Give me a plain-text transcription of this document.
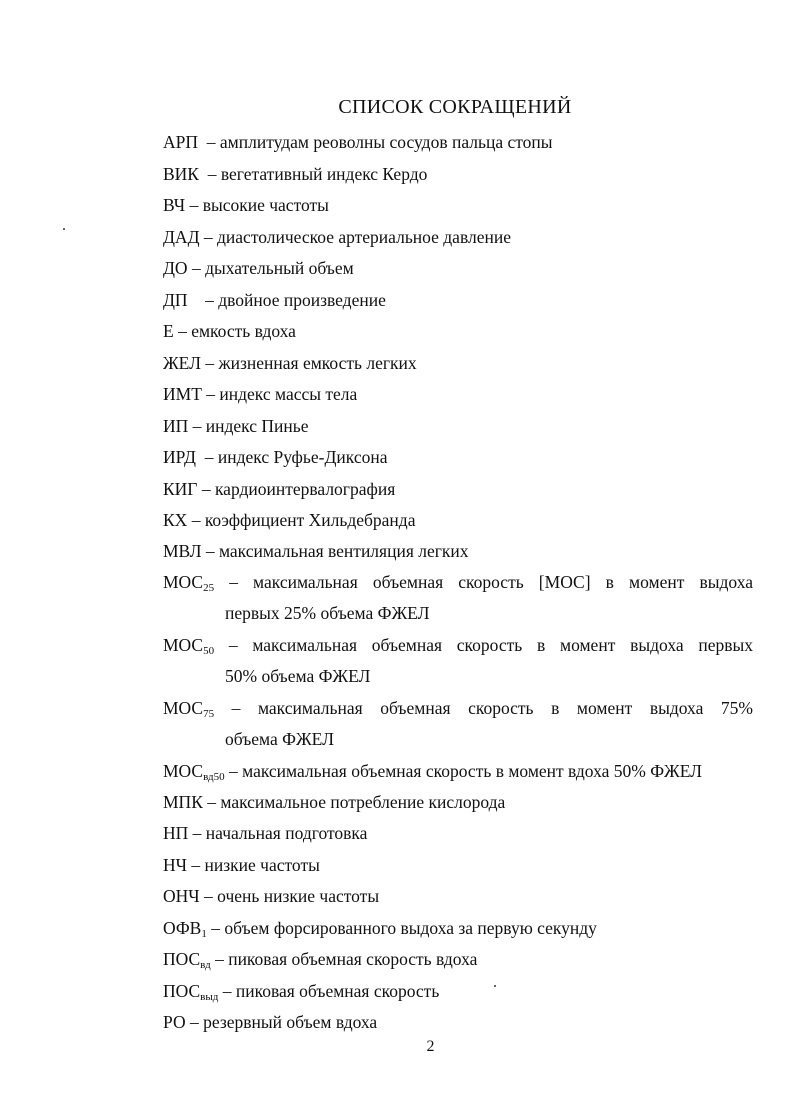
СПИСОК СОКРАЩЕНИЙ
АРП  – амплитудам реоволны сосудов пальца стопы
ВИК  – вегетативный индекс Кердо
ВЧ – высокие частоты
ДАД – диастолическое артериальное давление
ДО – дыхательный объем
ДП    – двойное произведение
Е – емкость вдоха
ЖЕЛ – жизненная емкость легких
ИМТ – индекс массы тела
ИП – индекс Пинье
ИРД  – индекс Руфье-Диксона
КИГ – кардиоинтервалография
КХ – коэффициент Хильдебранда
МВЛ – максимальная вентиляция легких
$МОС_{25}$ – максимальная объемная скорость [МОС] в момент выдоха
первых 25% объема ФЖЕЛ
$МОС_{50}$ – максимальная объемная скорость в момент выдоха первых
50% объема ФЖЕЛ
$МОС_{75}$ – максимальная объемная скорость в момент выдоха 75%
объема ФЖЕЛ
$МОС_{вд50}$ – максимальная объемная скорость в момент вдоха 50% ФЖЕЛ
МПК – максимальное потребление кислорода
НП – начальная подготовка
НЧ – низкие частоты
ОНЧ – очень низкие частоты
$ОФВ_1$ – объем форсированного выдоха за первую секунду
$ПОС_{вд}$ – пиковая объемная скорость вдоха
$ПОС_{выд}$ – пиковая объемная скорость
РО – резервный объем вдоха
2
